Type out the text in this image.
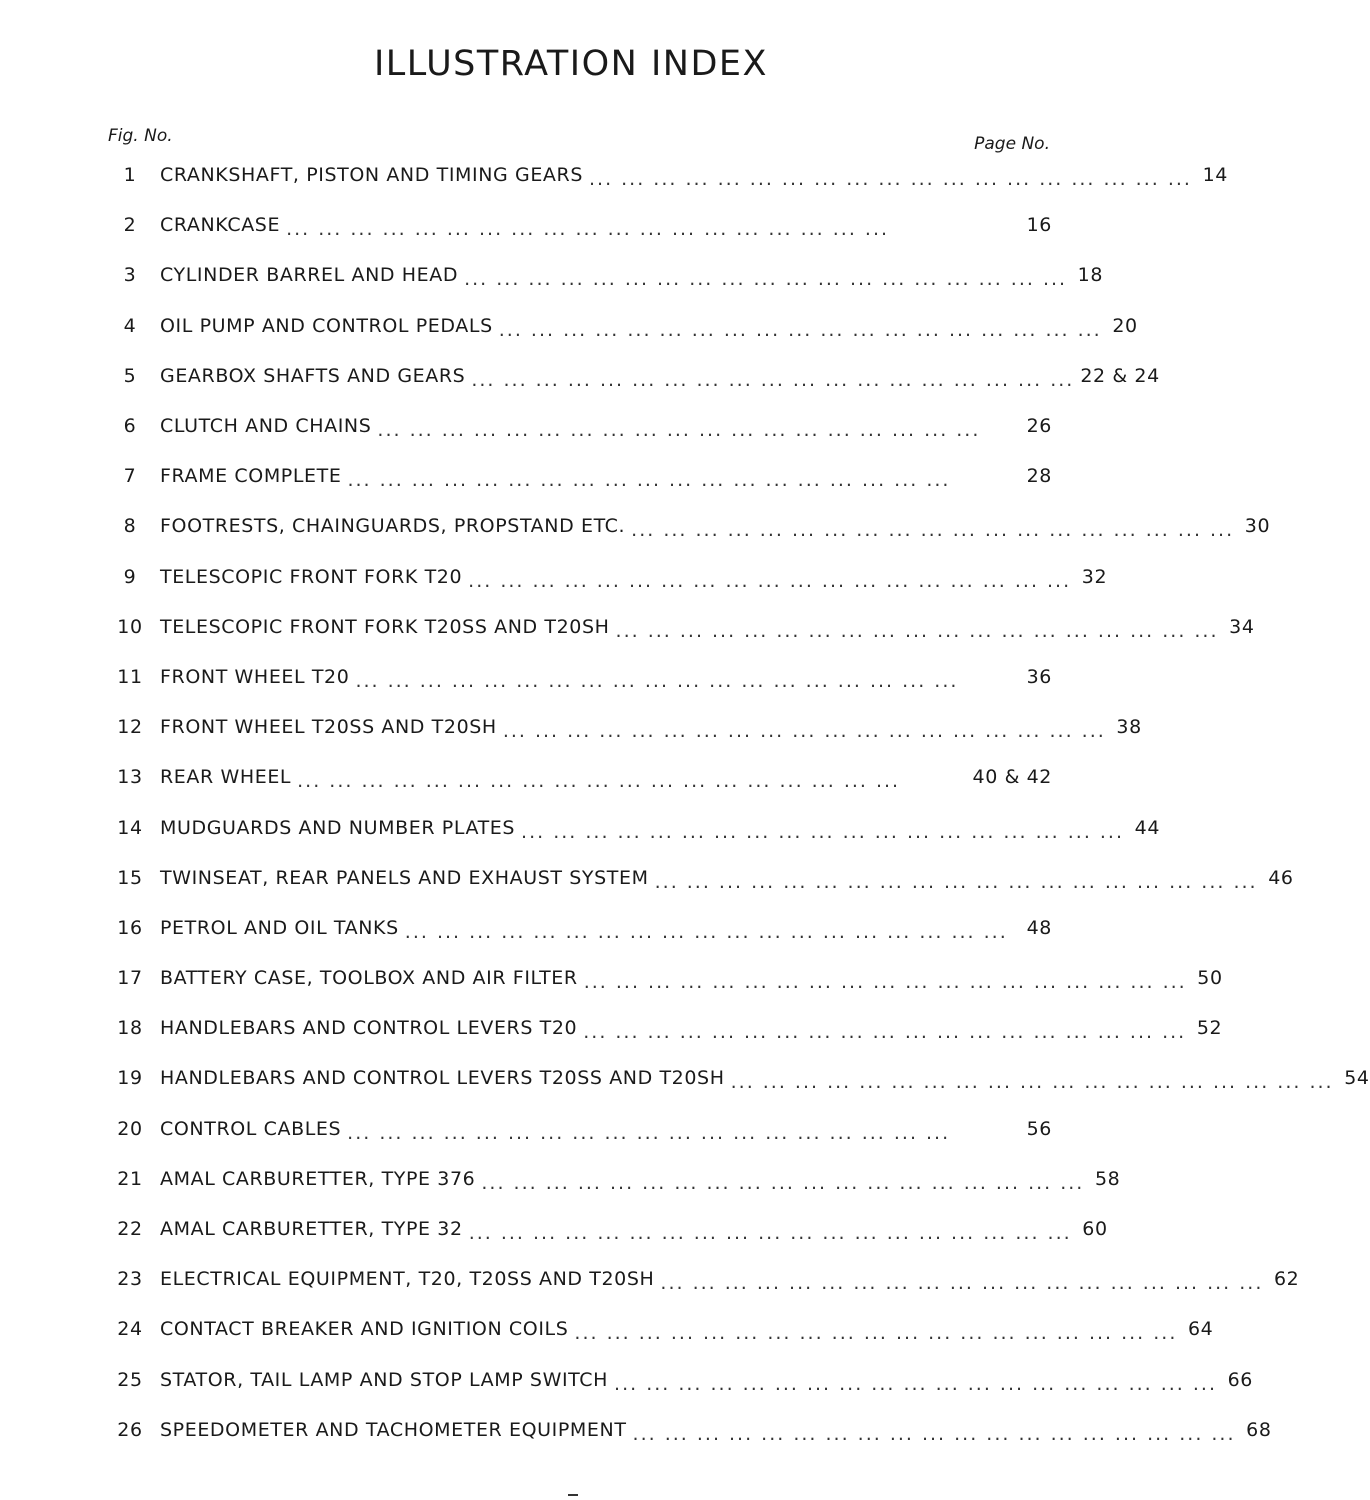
ILLUSTRATION INDEX
Fig. No.	Page No.
1	CRANKSHAFT, PISTON AND TIMING GEARS ... ... ... ... ... ... ... ... ... ... ... ... ... ... ... ... ... ... ... 14
2	CRANKCASE ... ... ... ... ... ... ... ... ... ... ... ... ... ... ... ... ... ... ...	16
3	CYLINDER BARREL AND HEAD ... ... ... ... ... ... ... ... ... ... ... ... ... ... ... ... ... ... ... 18
4	OIL PUMP AND CONTROL PEDALS ... ... ... ... ... ... ... ... ... ... ... ... ... ... ... ... ... ... ... 20
5	GEARBOX SHAFTS AND GEARS ... ... ... ... ... ... ... ... ... ... ... ... ... ... ... ... ... ... ... 22 & 24
6	CLUTCH AND CHAINS ... ... ... ... ... ... ... ... ... ... ... ... ... ... ... ... ... ... ...	26
7	FRAME COMPLETE ... ... ... ... ... ... ... ... ... ... ... ... ... ... ... ... ... ... ...	28
8	FOOTRESTS, CHAINGUARDS, PROPSTAND ETC. ... ... ... ... ... ... ... ... ... ... ... ... ... ... ... ... ... ... ... 30
9	TELESCOPIC FRONT FORK T20 ... ... ... ... ... ... ... ... ... ... ... ... ... ... ... ... ... ... ... 32
10 TELESCOPIC FRONT FORK T20SS AND T20SH ... ... ... ... ... ... ... ... ... ... ... ... ... ... ... ... ... ... ... 34
11 FRONT WHEEL T20 ... ... ... ... ... ... ... ... ... ... ... ... ... ... ... ... ... ... ...	36
12 FRONT WHEEL T20SS AND T20SH ... ... ... ... ... ... ... ... ... ... ... ... ... ... ... ... ... ... ... 38
13 REAR WHEEL ... ... ... ... ... ... ... ... ... ... ... ... ... ... ... ... ... ... ...	40 & 42
14 MUDGUARDS AND NUMBER PLATES ... ... ... ... ... ... ... ... ... ... ... ... ... ... ... ... ... ... ... 44
15 TWINSEAT, REAR PANELS AND EXHAUST SYSTEM ... ... ... ... ... ... ... ... ... ... ... ... ... ... ... ... ... ... ... 46
16 PETROL AND OIL TANKS ... ... ... ... ... ... ... ... ... ... ... ... ... ... ... ... ... ... ... 48
17 BATTERY CASE, TOOLBOX AND AIR FILTER ... ... ... ... ... ... ... ... ... ... ... ... ... ... ... ... ... ... ... 50
18 HANDLEBARS AND CONTROL LEVERS T20 ... ... ... ... ... ... ... ... ... ... ... ... ... ... ... ... ... ... ... 52
19 HANDLEBARS AND CONTROL LEVERS T20SS AND T20SH ... ... ... ... ... ... ... ... ... ... ... ... ... ... ... ... ... ... ... 54
20 CONTROL CABLES ... ... ... ... ... ... ... ... ... ... ... ... ... ... ... ... ... ... ...	56
21 AMAL CARBURETTER, TYPE 376 ... ... ... ... ... ... ... ... ... ... ... ... ... ... ... ... ... ... ... 58
22 AMAL CARBURETTER, TYPE 32 ... ... ... ... ... ... ... ... ... ... ... ... ... ... ... ... ... ... ... 60
23 ELECTRICAL EQUIPMENT, T20, T20SS AND T20SH ... ... ... ... ... ... ... ... ... ... ... ... ... ... ... ... ... ... ... 62
24 CONTACT BREAKER AND IGNITION COILS ... ... ... ... ... ... ... ... ... ... ... ... ... ... ... ... ... ... ... 64
25 STATOR, TAIL LAMP AND STOP LAMP SWITCH ... ... ... ... ... ... ... ... ... ... ... ... ... ... ... ... ... ... ... 66
26 SPEEDOMETER AND TACHOMETER EQUIPMENT ... ... ... ... ... ... ... ... ... ... ... ... ... ... ... ... ... ... ... 68
